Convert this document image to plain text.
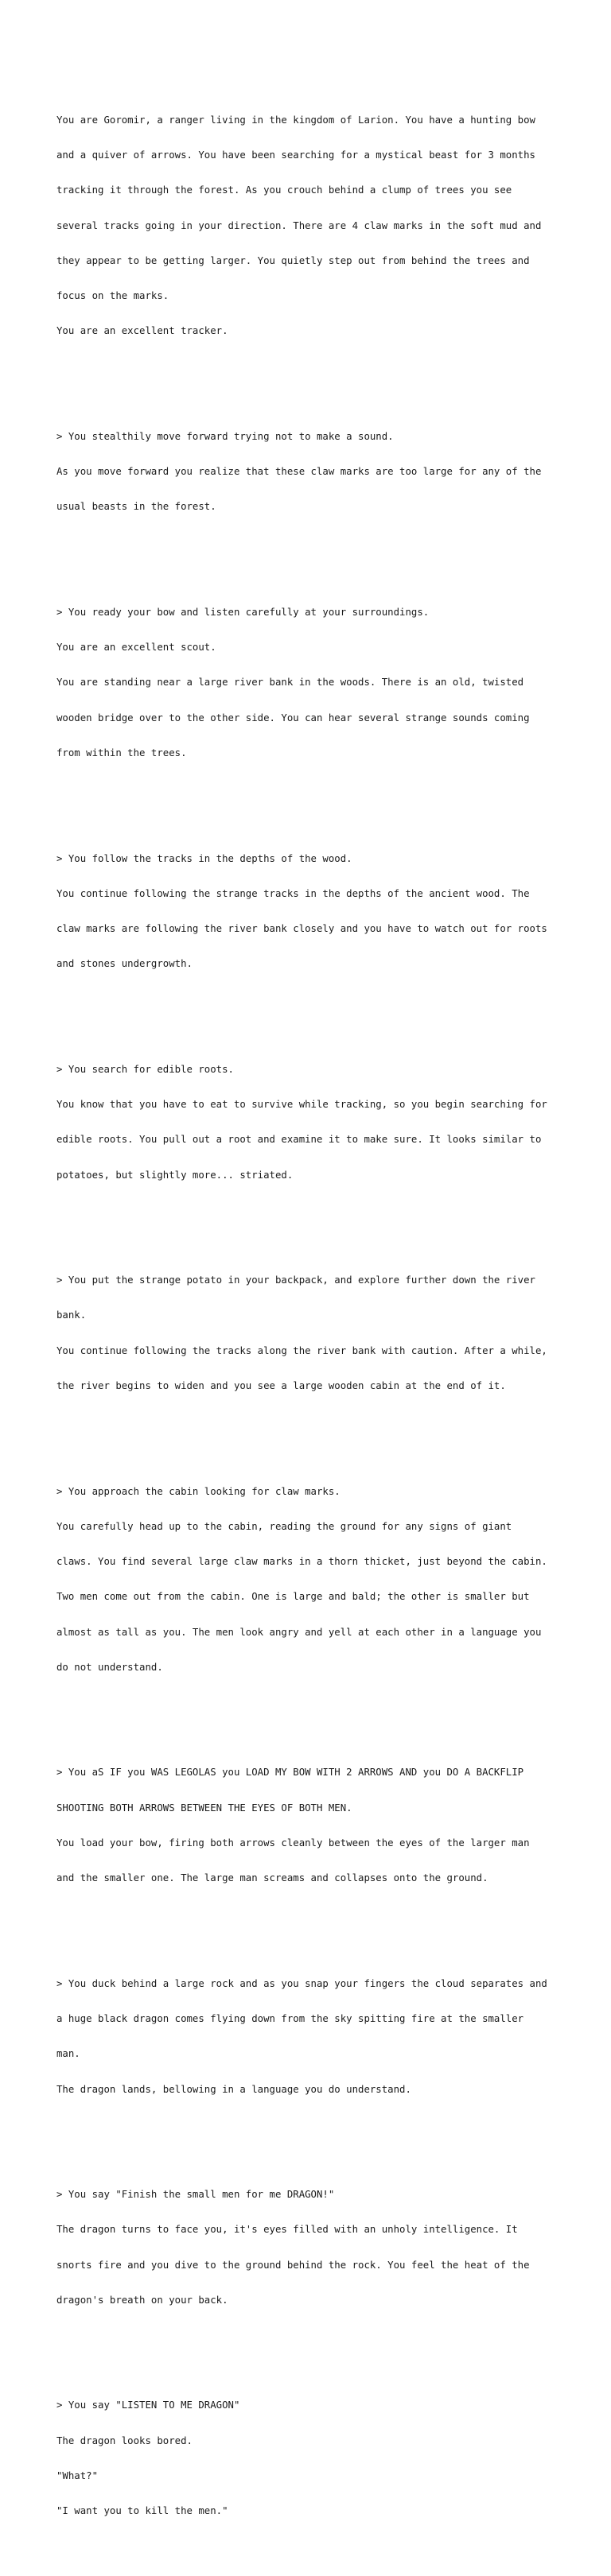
You are Goromir, a ranger living in the kingdom of Larion. You have a hunting bow

and a quiver of arrows. You have been searching for a mystical beast for 3 months

tracking it through the forest. As you crouch behind a clump of trees you see

several tracks going in your direction. There are 4 claw marks in the soft mud and

they appear to be getting larger. You quietly step out from behind the trees and

focus on the marks.

You are an excellent tracker.

> You stealthily move forward trying not to make a sound.

As you move forward you realize that these claw marks are too large for any of the

usual beasts in the forest.

> You ready your bow and listen carefully at your surroundings.

You are an excellent scout.

You are standing near a large river bank in the woods. There is an old, twisted

wooden bridge over to the other side. You can hear several strange sounds coming

from within the trees.

> You follow the tracks in the depths of the wood.

You continue following the strange tracks in the depths of the ancient wood. The

claw marks are following the river bank closely and you have to watch out for roots

and stones undergrowth.

> You search for edible roots.

You know that you have to eat to survive while tracking, so you begin searching for

edible roots. You pull out a root and examine it to make sure. It looks similar to

potatoes, but slightly more... striated.

> You put the strange potato in your backpack, and explore further down the river

bank.

You continue following the tracks along the river bank with caution. After a while,

the river begins to widen and you see a large wooden cabin at the end of it.

> You approach the cabin looking for claw marks.

You carefully head up to the cabin, reading the ground for any signs of giant

claws. You find several large claw marks in a thorn thicket, just beyond the cabin.

Two men come out from the cabin. One is large and bald; the other is smaller but

almost as tall as you. The men look angry and yell at each other in a language you

do not understand.

> You aS IF you WAS LEGOLAS you LOAD MY BOW WITH 2 ARROWS AND you DO A BACKFLIP

SHOOTING BOTH ARROWS BETWEEN THE EYES OF BOTH MEN.

You load your bow, firing both arrows cleanly between the eyes of the larger man

and the smaller one. The large man screams and collapses onto the ground.

> You duck behind a large rock and as you snap your fingers the cloud separates and

a huge black dragon comes flying down from the sky spitting fire at the smaller

man.

The dragon lands, bellowing in a language you do understand.

> You say "Finish the small men for me DRAGON!"

The dragon turns to face you, it's eyes filled with an unholy intelligence. It

snorts fire and you dive to the ground behind the rock. You feel the heat of the

dragon's breath on your back.

> You say "LISTEN TO ME DRAGON"

The dragon looks bored.

"What?"

"I want you to kill the men."
